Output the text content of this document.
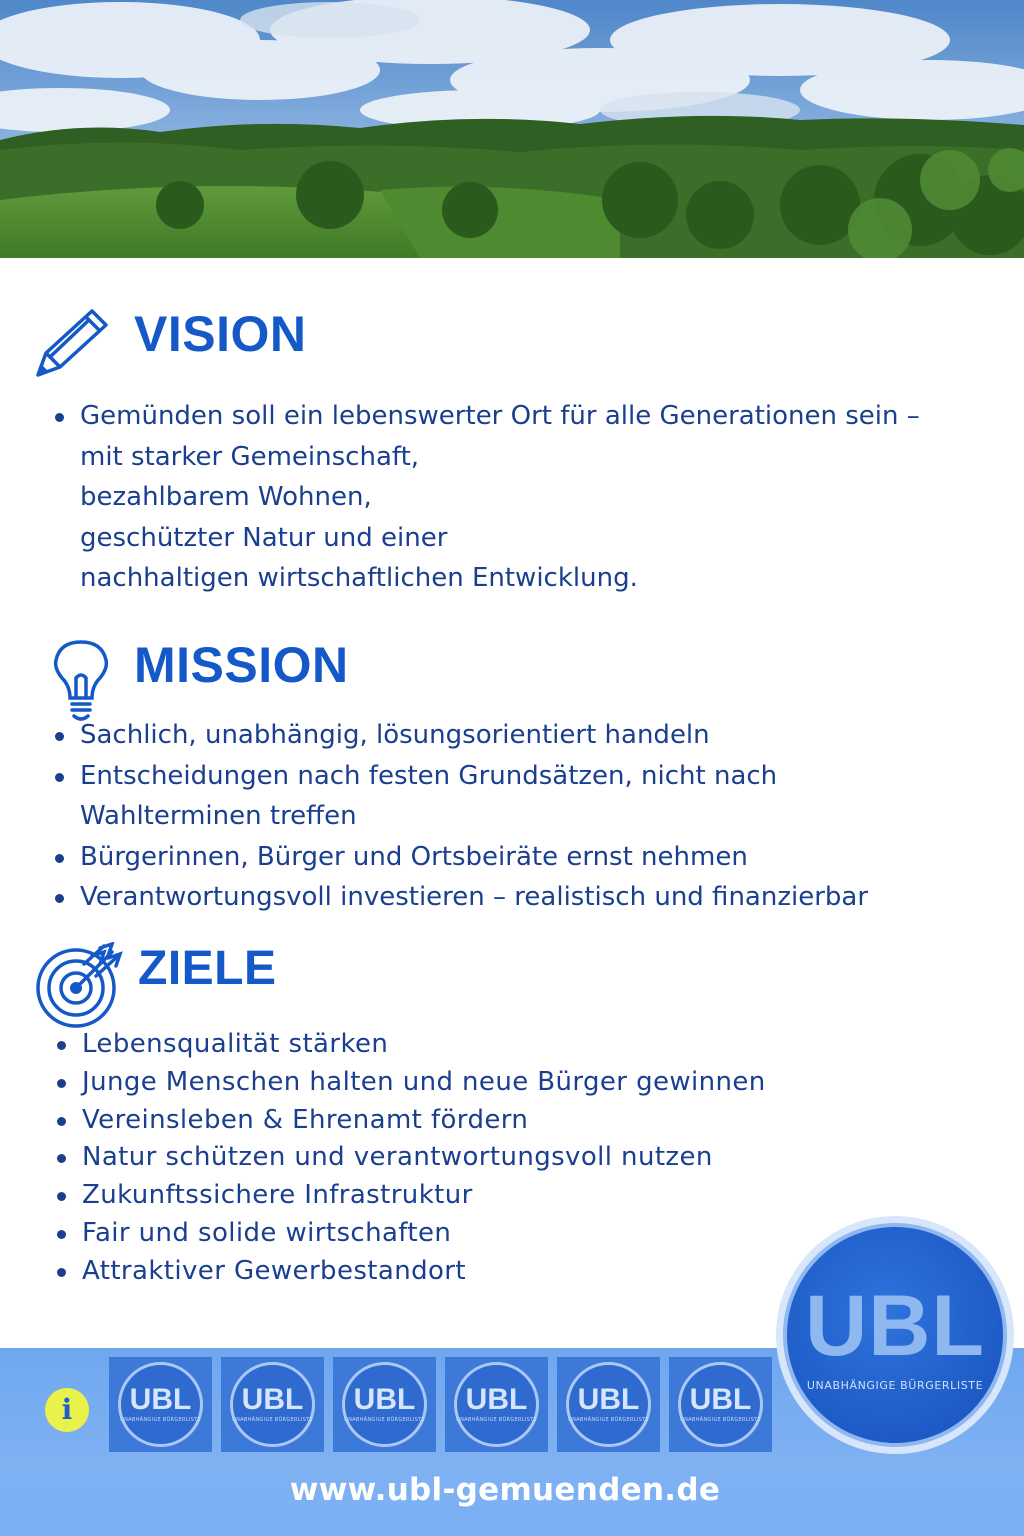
VISION
Gemünden soll ein lebenswerter Ort für alle Generationen sein –
mit starker Gemeinschaft,
bezahlbarem Wohnen,
geschützter Natur und einer
nachhaltigen wirtschaftlichen Entwicklung.
MISSION
Sachlich, unabhängig, lösungsorientiert handeln
Entscheidungen nach festen Grundsätzen, nicht nach Wahlterminen treffen
Bürgerinnen, Bürger und Ortsbeiräte ernst nehmen
Verantwortungsvoll investieren – realistisch und finanzierbar
ZIELE
Lebensqualität stärken
Junge Menschen halten und neue Bürger gewinnen
Vereinsleben & Ehrenamt fördern
Natur schützen und verantwortungsvoll nutzen
Zukunftssichere Infrastruktur
Fair und solide wirtschaften
Attraktiver Gewerbestandort
i	UBL
UNABHÄNGIGE BÜRGERLISTE
UBL
UNABHÄNGIGE BÜRGERLISTE
UBL
UNABHÄNGIGE BÜRGERLISTE
UBL
UNABHÄNGIGE BÜRGERLISTE
UBL
UNABHÄNGIGE BÜRGERLISTE
UBL
UNABHÄNGIGE BÜRGERLISTE
UBL
UNABHÄNGIGE BÜRGERLISTE
www.ubl-gemuenden.de
